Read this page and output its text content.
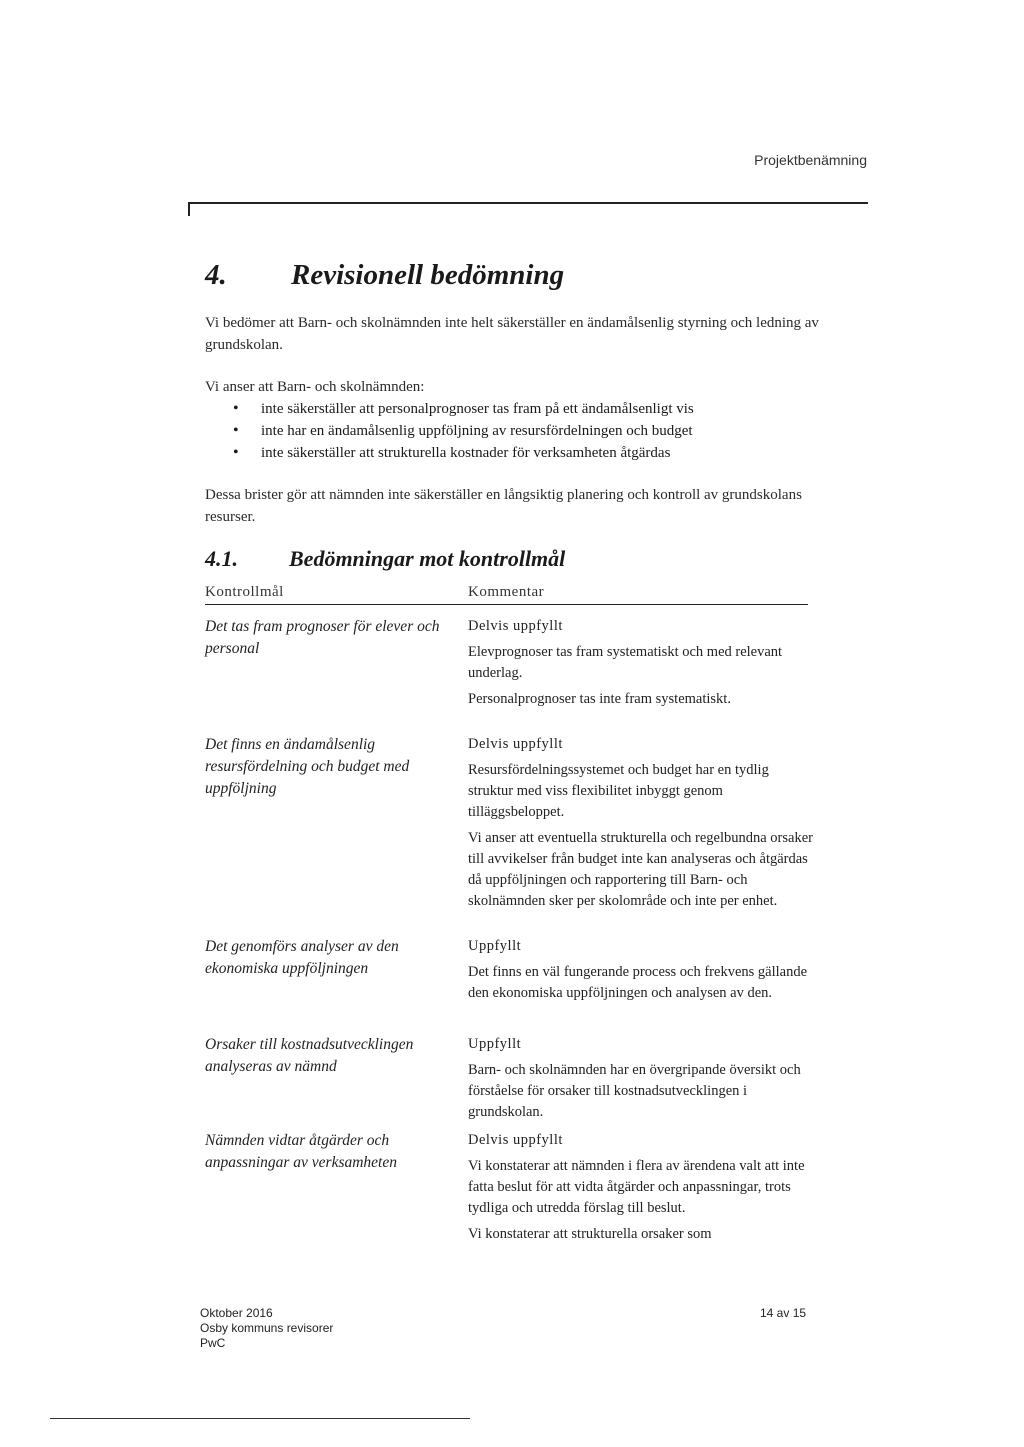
Projektbenämning
4. Revisionell bedömning
Vi bedömer att Barn- och skolnämnden inte helt säkerställer en ändamålsenlig styrning och ledning av grundskolan.
Vi anser att Barn- och skolnämnden:
• inte säkerställer att personalprognoser tas fram på ett ändamålsenligt vis
• inte har en ändamålsenlig uppföljning av resursfördelningen och budget
• inte säkerställer att strukturella kostnader för verksamheten åtgärdas
Dessa brister gör att nämnden inte säkerställer en långsiktig planering och kontroll av grundskolans resurser.
4.1. Bedömningar mot kontrollmål
Kontrollmål	Kommentar
Det tas fram prognoser för elever och personal
Delvis uppfyllt

Elevprognoser tas fram systematiskt och med relevant underlag.

Personalprognoser tas inte fram systematiskt.

Det finns en ändamålsenlig resursfördelning och budget med uppföljning
Delvis uppfyllt

Resursfördelningssystemet och budget har en tydlig struktur med viss flexibilitet inbyggt genom tilläggsbeloppet.

Vi anser att eventuella strukturella och regelbundna orsaker till avvikelser från budget inte kan analyseras och åtgärdas då uppföljningen och rapportering till Barn- och skolnämnden sker per skolområde och inte per enhet.

Det genomförs analyser av den ekonomiska uppföljningen
Uppfyllt

Det finns en väl fungerande process och frekvens gällande den ekonomiska uppföljningen och analysen av den.

Orsaker till kostnadsutvecklingen analyseras av nämnd
Uppfyllt

Barn- och skolnämnden har en övergripande översikt och förståelse för orsaker till kostnadsutvecklingen i grundskolan.

Nämnden vidtar åtgärder och anpassningar av verksamheten
Delvis uppfyllt

Vi konstaterar att nämnden i flera av ärendena valt att inte fatta beslut för att vidta åtgärder och anpassningar, trots tydliga och utredda förslag till beslut.

Vi konstaterar att strukturella orsaker som

Oktober 2016
Osby kommuns revisorer
PwC
14 av 15
